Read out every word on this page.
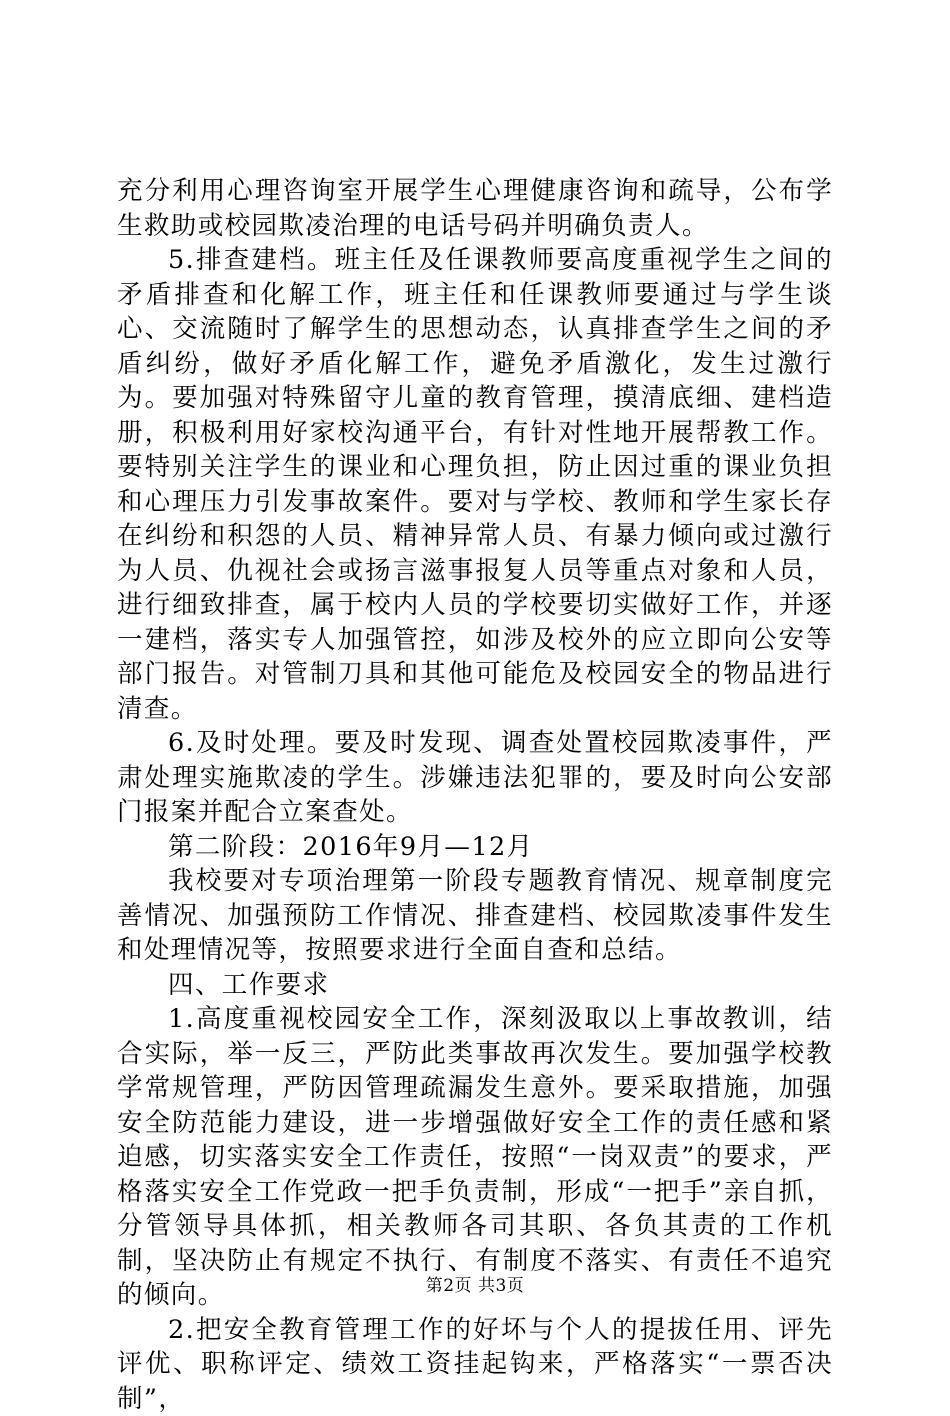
充分利用心理咨询室开展学生心理健康咨询和疏导，公布学生救助或校园欺凌治理的电话号码并明确负责人。

5.排查建档。班主任及任课教师要高度重视学生之间的矛盾排查和化解工作，班主任和任课教师要通过与学生谈心、交流随时了解学生的思想动态，认真排查学生之间的矛盾纠纷，做好矛盾化解工作，避免矛盾激化，发生过激行为。要加强对特殊留守儿童的教育管理，摸清底细、建档造册，积极利用好家校沟通平台，有针对性地开展帮教工作。要特别关注学生的课业和心理负担，防止因过重的课业负担和心理压力引发事故案件。要对与学校、教师和学生家长存在纠纷和积怨的人员、精神异常人员、有暴力倾向或过激行为人员、仇视社会或扬言滋事报复人员等重点对象和人员，进行细致排查，属于校内人员的学校要切实做好工作，并逐一建档，落实专人加强管控，如涉及校外的应立即向公安等部门报告。对管制刀具和其他可能危及校园安全的物品进行清查。

6.及时处理。要及时发现、调查处置校园欺凌事件，严肃处理实施欺凌的学生。涉嫌违法犯罪的，要及时向公安部门报案并配合立案查处。

第二阶段：2016年9月—12月

我校要对专项治理第一阶段专题教育情况、规章制度完善情况、加强预防工作情况、排查建档、校园欺凌事件发生和处理情况等，按照要求进行全面自查和总结。

四、工作要求

1.高度重视校园安全工作，深刻汲取以上事故教训，结合实际，举一反三，严防此类事故再次发生。要加强学校教学常规管理，严防因管理疏漏发生意外。要采取措施，加强安全防范能力建设，进一步增强做好安全工作的责任感和紧迫感，切实落实安全工作责任，按照“一岗双责”的要求，严格落实安全工作党政一把手负责制，形成“一把手”亲自抓，分管领导具体抓，相关教师各司其职、各负其责的工作机制，坚决防止有规定不执行、有制度不落实、有责任不追究的倾向。

2.把安全教育管理工作的好坏与个人的提拔任用、评先评优、职称评定、绩效工资挂起钩来，严格落实“一票否决制”，

第2页 共3页
